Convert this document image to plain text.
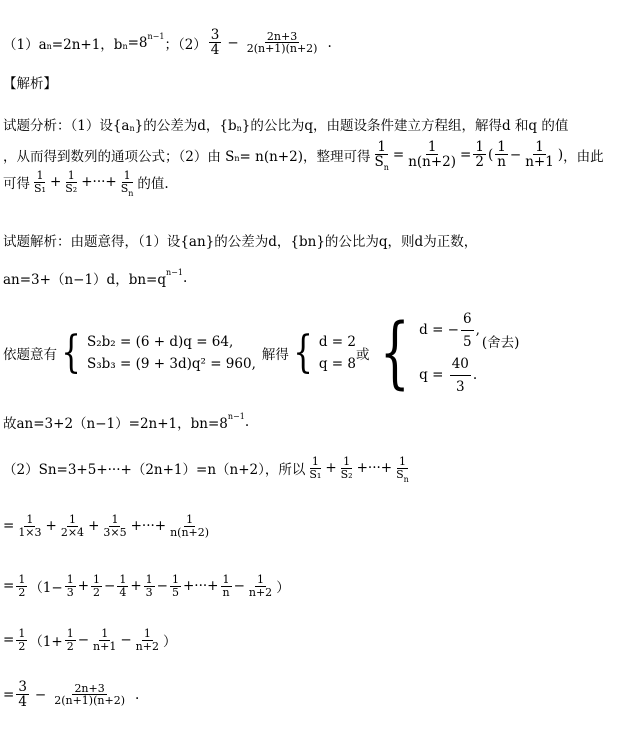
（1）a n =2n+1，b n =8 n−1 ；（2）
3
$4 - \frac{2n+3}{2(n+1)(n+2)}$ .
【解析】
试题分析：（1）设{a n }的公差为d，{b n }的公比为q，由题设条件建立方程组，解得d 和q 的值
，从而得到数列的通项公式；（2）由 S n = n(n+2)，整理可得 $\frac{1}{S_n} = \frac{1}{n(n+2)} = \frac{1}{2}$ ( 1
$n - \frac{1}{n+1}$ ) ，由此
可得
1
$S_1 + \frac{1}{\text{S₂}}$ +···+ $\frac{1}{S_n}$ 的值.
试题解析：由题意得，（1）设{an}的公差为d，{bn}的公比为q，则d为正数，
an=3+（n−1）d，bn=q n−1 .
依题意有 { S₂b₂ = (6 + d)q = 64,
S₃b₃ = (9 + 3d)q² = 960,
解得 { d = 2
q = 8
或 { d = − $\frac{6}{5}$ ,
$q = \frac{40}{3}$ .
(舍去)
故an=3+2（n−1）=2n+1，bn=8 n−1 .
（2）Sn=3+5+···+（2n+1）=n（n+2），所以
1
$S_1 + \frac{1}{\text{S₂}}$ +···+ $\frac{1}{S_n}$
= $\frac{1}{1\times 3} + \frac{1}{2\times 4} + \frac{1}{3\times 5}$ +···+ $\frac{1}{n(n+2)}$
= $\frac{1}{2} (1- \frac{1}{3} + \frac{1}{2} - \frac{1}{4} + \frac{1}{3} - \frac{1}{5}$ +···+ $\frac{1}{n} - \frac{1}{n+2}$ ）
= $\frac{1}{2} (1+ \frac{1}{2} - \frac{1}{n+1} - \frac{1}{n+2}$ ）
= $\frac{3}{4} - \frac{2n+3}{2(n+1)(n+2)}$ .
